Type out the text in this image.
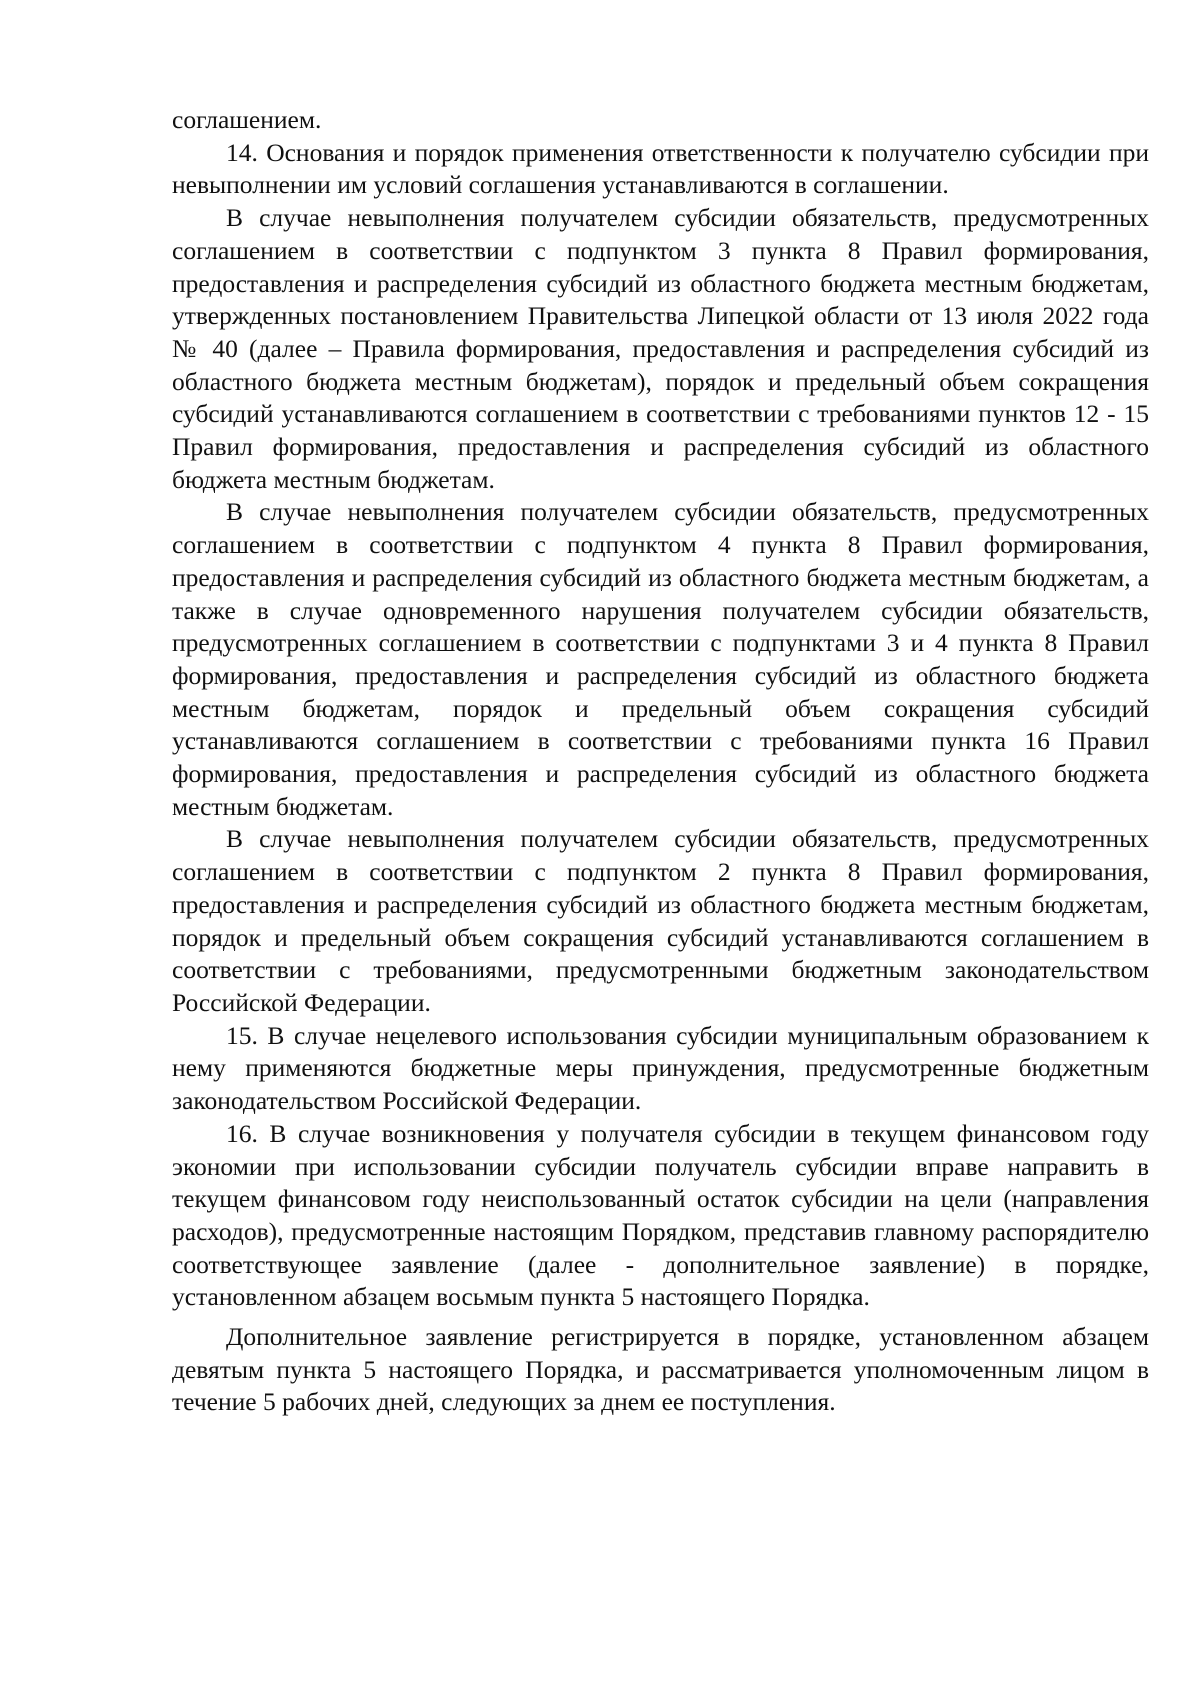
соглашением.

14. Основания и порядок применения ответственности к получателю субсидии при невыполнении им условий соглашения устанавливаются в соглашении.

В случае невыполнения получателем субсидии обязательств, предусмотренных соглашением в соответствии с подпунктом 3 пункта 8 Правил формирования, предоставления и распределения субсидий из областного бюджета местным бюджетам, утвержденных постановлением Правительства Липецкой области от 13 июля 2022 года № 40 (далее – Правила формирования, предоставления и распределения субсидий из областного бюджета местным бюджетам), порядок и предельный объем сокращения субсидий устанавливаются соглашением в соответствии с требованиями пунктов 12 - 15 Правил формирования, предоставления и распределения субсидий из областного бюджета местным бюджетам.

В случае невыполнения получателем субсидии обязательств, предусмотренных соглашением в соответствии с подпунктом 4 пункта 8 Правил формирования, предоставления и распределения субсидий из областного бюджета местным бюджетам, а также в случае одновременного нарушения получателем субсидии обязательств, предусмотренных соглашением в соответствии с подпунктами 3 и 4 пункта 8 Правил формирования, предоставления и распределения субсидий из областного бюджета местным бюджетам, порядок и предельный объем сокращения субсидий устанавливаются соглашением в соответствии с требованиями пункта 16 Правил формирования, предоставления и распределения субсидий из областного бюджета местным бюджетам.

В случае невыполнения получателем субсидии обязательств, предусмотренных соглашением в соответствии с подпунктом 2 пункта 8 Правил формирования, предоставления и распределения субсидий из областного бюджета местным бюджетам, порядок и предельный объем сокращения субсидий устанавливаются соглашением в соответствии с требованиями, предусмотренными бюджетным законодательством Российской Федерации.

15. В случае нецелевого использования субсидии муниципальным образованием к нему применяются бюджетные меры принуждения, предусмотренные бюджетным законодательством Российской Федерации.

16. В случае возникновения у получателя субсидии в текущем финансовом году экономии при использовании субсидии получатель субсидии вправе направить в текущем финансовом году неиспользованный остаток субсидии на цели (направления расходов), предусмотренные настоящим Порядком, представив главному распорядителю соответствующее заявление (далее - дополнительное заявление) в порядке, установленном абзацем восьмым пункта 5 настоящего Порядка.

Дополнительное заявление регистрируется в порядке, установленном абзацем девятым пункта 5 настоящего Порядка, и рассматривается уполномоченным лицом в течение 5 рабочих дней, следующих за днем ее поступления.
